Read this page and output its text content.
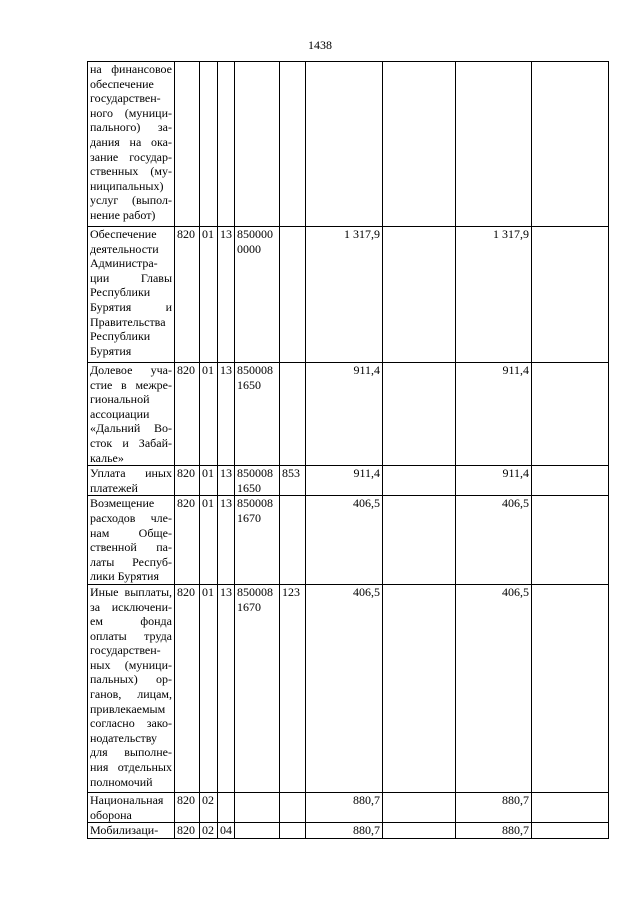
1438
на финансовое обеспечение государствен-ного (муници-пального) за-дания на ока-зание государ-ственных (му-ниципальных) услуг (выпол-нение работ)									
Обеспечение деятельности Администра-ции Главы Республики Бурятия и Правительства Республики Бурятия	820	01	13	850000 0000		1 317,9		1 317,9	
Долевое уча-стие в межре-гиональной ассоциации «Дальний Во-сток и Забай-калье»	820	01	13	850008 1650		911,4		911,4	
Уплата иных платежей	820	01	13	850008 1650	853	911,4		911,4	
Возмещение расходов чле-нам Обще-ственной па-латы Респуб-лики Бурятия	820	01	13	850008 1670		406,5		406,5	
Иные выплаты, за исключени-ем фонда оплаты труда государствен-ных (муници-пальных) ор-ганов, лицам, привлекаемым согласно зако-нодательству для выполне-ния отдельных полномочий	820	01	13	850008 1670	123	406,5		406,5	
Национальная оборона	820	02				880,7		880,7	
Мобилизаци-	820	02	04			880,7		880,7	
